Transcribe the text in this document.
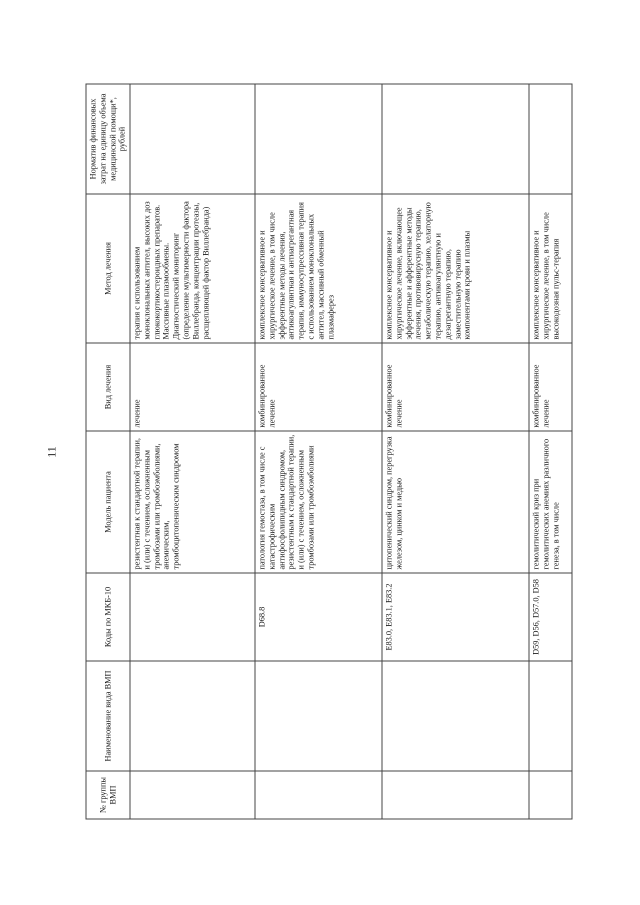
11
№ группы ВМП	Наименование вида ВМП	Коды по МКБ-10	Модель пациента	Вид лечения	Метод лечения	Норматив финансовых затрат на единицу объема медицинской помощи*, рублей
			резистентная к стандартной терапии, и (или) с течением, осложненным тромбозами или тромбоэмболиями, анемическим, тромбоцитопеническим синдромом	лечение	терапия с использованием моноклональных антител, высоких доз глюкокортикостероидных препаратов. Массивные плазмообмены. Диагностический мониторинг (определение мультимерности фактора Виллебранда, концентрации протеазы, расщепляющей фактор Виллебранда)	
		D68.8	патология гемостаза, в том числе с катастрофическим антифосфолипидным синдромом, резистентным к стандартной терапии, и (или) с течением, осложненным тромбозами или тромбоэмболиями	комбинированное лечение	комплексное консервативное и хирургическое лечение, в том числе эфферентные методы лечения, антикоагулянтная и антиагрегантная терапия, иммуносупрессивная терапия с использованием моноклональных антител, массивный обменный плазмаферез	
		E83.0, E83.1, E83.2	цитопенический синдром, перегрузка железом, цинком и медью	комбинированное лечение	комплексное консервативное и хирургическое лечение, включающее эфферентные и афферентные методы лечения, противовирусную терапию, метаболическую терапию, хелаторную терапию, антикоагулянтную и дезагрегантную терапию, заместительную терапию компонентами крови и плазмы	
		D59, D56, D57.0, D58	гемолитический криз при гемолитических анемиях различного генеза, в том числе	комбинированное лечение	комплексное консервативное и хирургическое лечение, в том числе высокодозная пульс-терапия	
